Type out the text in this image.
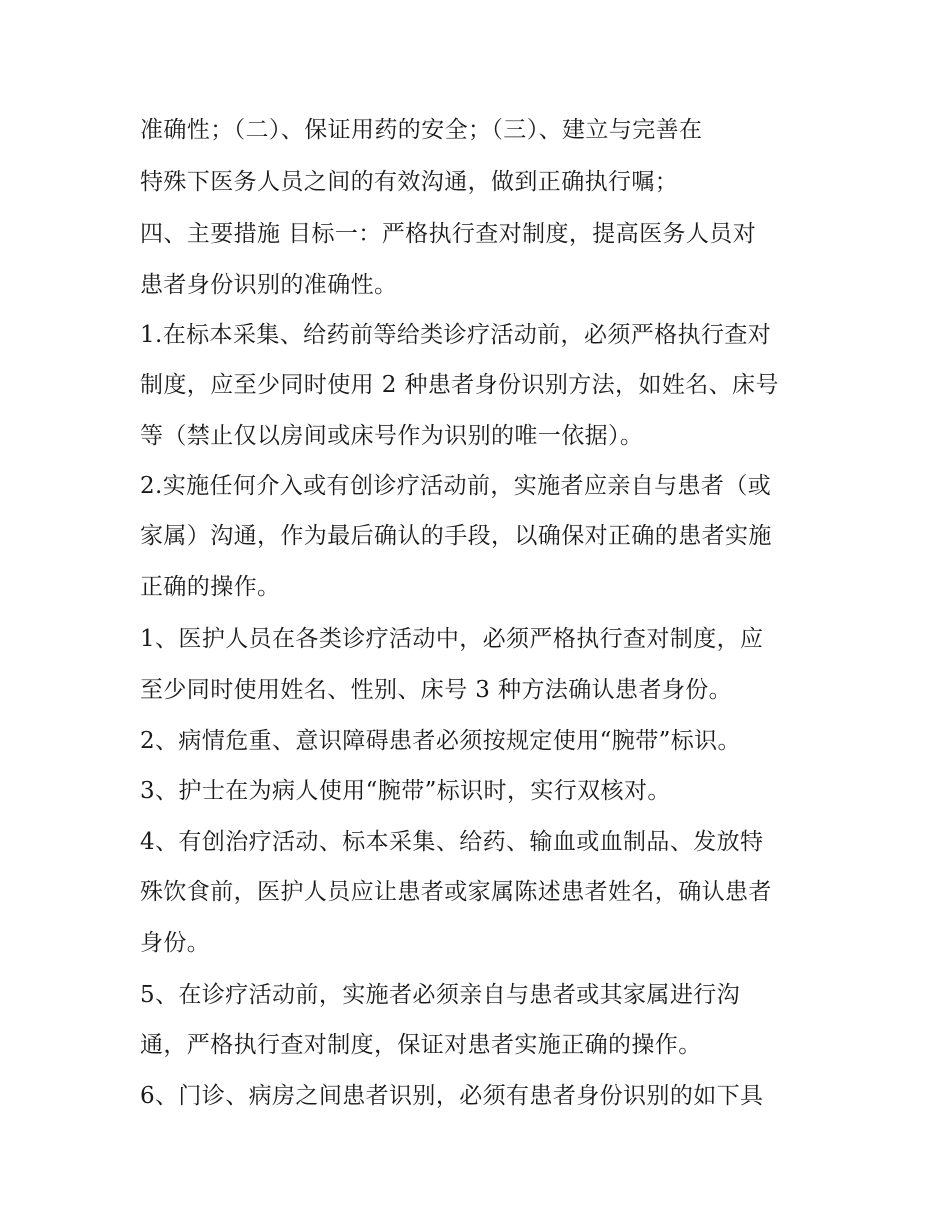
准确性；（二）、保证用药的安全；（三）、建立与完善在

特殊下医务人员之间的有效沟通，做到正确执行嘱；

四、主要措施 目标一：严格执行查对制度，提高医务人员对

患者身份识别的准确性。

1.在标本采集、给药前等给类诊疗活动前，必须严格执行查对

制度，应至少同时使用 2 种患者身份识别方法，如姓名、床号

等（禁止仅以房间或床号作为识别的唯一依据）。

2.实施任何介入或有创诊疗活动前，实施者应亲自与患者（或

家属）沟通，作为最后确认的手段，以确保对正确的患者实施

正确的操作。

1、医护人员在各类诊疗活动中，必须严格执行查对制度，应

至少同时使用姓名、性别、床号 3 种方法确认患者身份。

2、病情危重、意识障碍患者必须按规定使用“腕带”标识。

3、护士在为病人使用“腕带”标识时，实行双核对。

4、有创治疗活动、标本采集、给药、输血或血制品、发放特

殊饮食前，医护人员应让患者或家属陈述患者姓名，确认患者

身份。

5、在诊疗活动前，实施者必须亲自与患者或其家属进行沟

通，严格执行查对制度，保证对患者实施正确的操作。

6、门诊、病房之间患者识别，必须有患者身份识别的如下具
